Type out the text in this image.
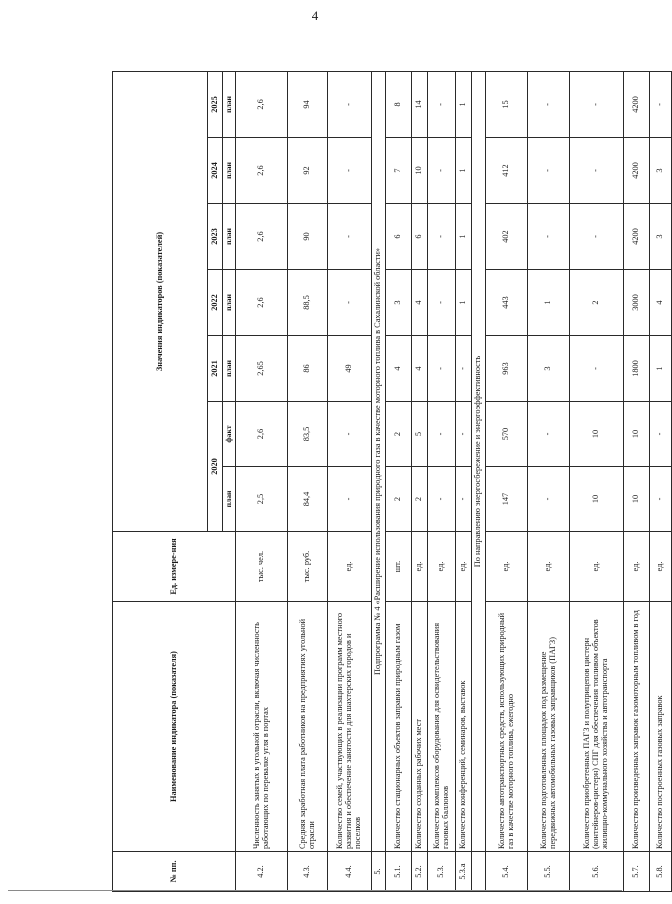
4
№ пп.	Наименование индикатора (показателя)	Ед. измере-ния	Значения индикаторов (показателей)						
			2020		2021	2022	2023	2024	2025
			план	факт	план	план	план	план	план
4.2.	Численность занятых в угольной отрасли, включая численность работающих по перевалке угля в портах	тыс. чел.	2,5	2,6	2,65	2,6	2,6	2,6	2,6
4.3.	Средняя заработная плата работников на предприятиях угольной отрасли	тыс. руб.	84,4	83,5	86	88,5	90	92	94
4.4.	Количество семей, участвующих в реализации программ местного развития и обеспечение занятости для шахтерских городов и поселков	ед.	-	-	49	-	-	-	-
5.	Подпрограмма № 4 «Расширение использования природного газа в качестве моторного топлива в Сахалинской области»								
5.1.	Количество стационарных объектов заправки природным газом	шт.	2	2	4	3	6	7	8
5.2.	Количество созданных рабочих мест	ед.	2	5	4	4	6	10	14
5.3.	Количество комплексов оборудования для освидетельствования газовых баллонов	ед.	-	-	-	-	-	-	-
5.3.а	Количество конференций, семинаров, выставок	ед.	-	-	-	1	1	1	1
	По направлению энергосбережение и энергоэффективность								
5.4.	Количество автотранспортных средств, использующих природный газ в качестве моторного топлива, ежегодно	ед.	147	570	963	443	402	412	15
5.5.	Количество подготовленных площадок под размещение передвижных автомобильных газовых заправщиков (ПАГЗ)	ед.	-	-	3	1	-	-	-
5.6.	Количество приобретенных ПАГЗ и полуприцепов цистерн (контейнеров-цистерн) СПГ для обеспечения топливом объектов жилищно-коммунального хозяйства и автотранспорта	ед.	10	10	-	2	-	-	-
5.7.	Количество произведенных заправок газомоторным топливом в год	ед.	10	10	1800	3000	4200	4200	4200
5.8.	Количество построенных газовых заправок	ед.	-	-	1	4	3	3	-
